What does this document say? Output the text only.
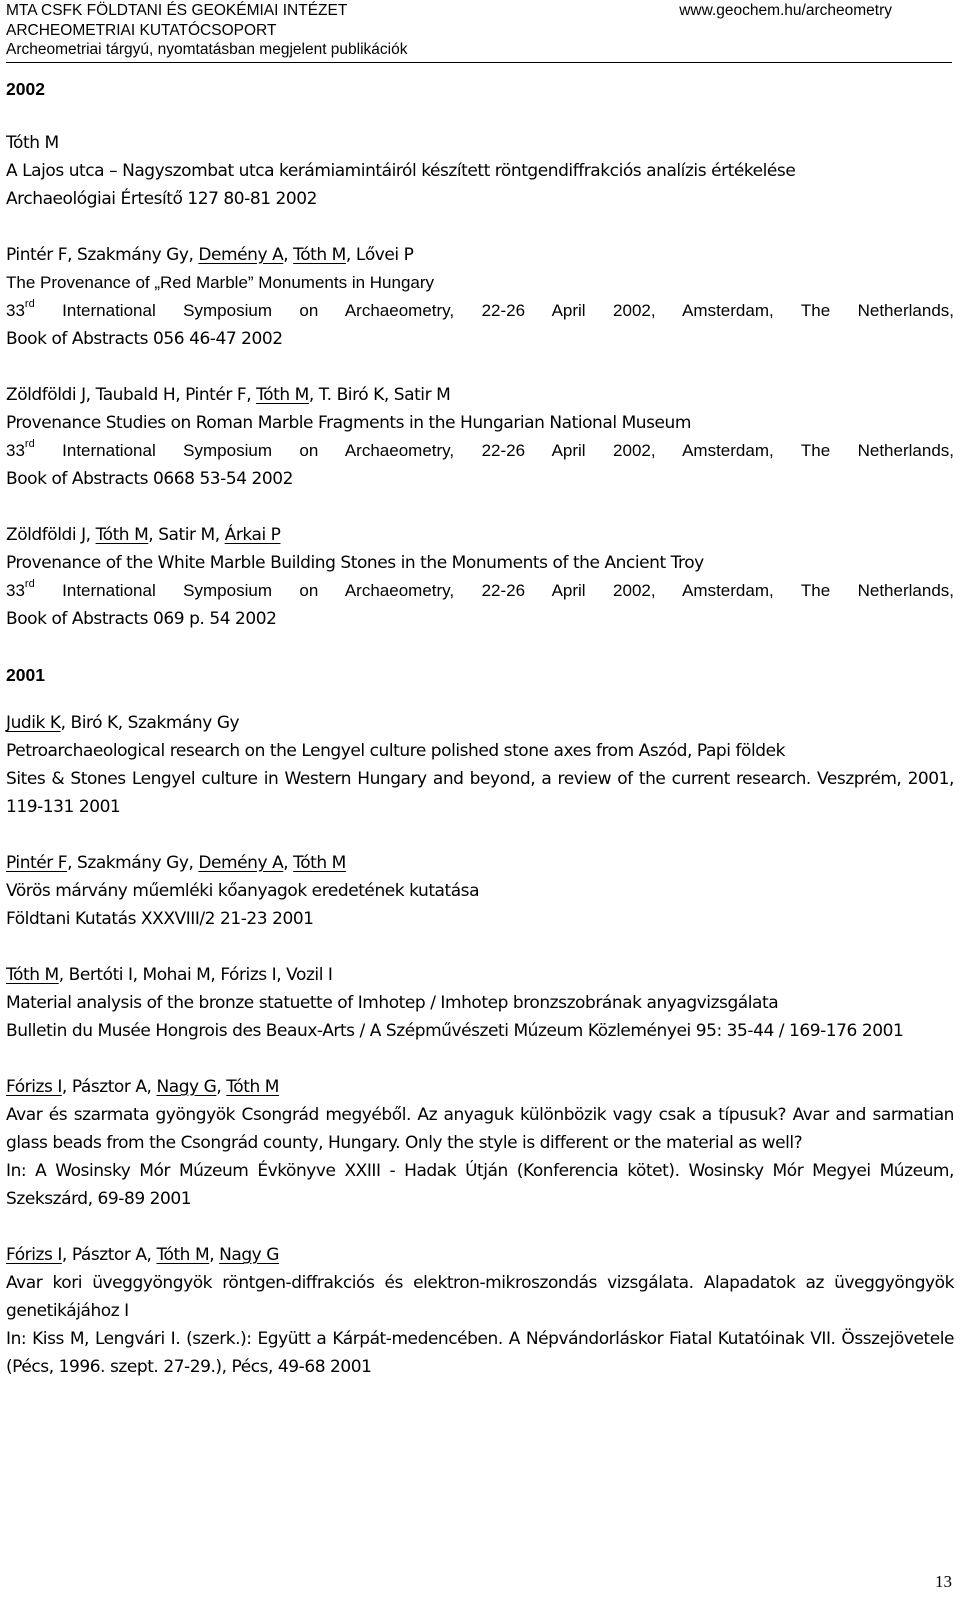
MTA CSFK FÖLDTANI ÉS GEOKÉMIAI INTÉZET
ARCHEOMETRIAI KUTATÓCSOPORT
Archeometriai tárgyú, nyomtatásban megjelent publikációk
www.geochem.hu/archeometry
2002
Tóth M
A Lajos utca – Nagyszombat utca kerámiamintáiról készített röntgendiffrakciós analízis értékelése
Archaeológiai Értesítő 127 80-81 2002
Pintér F, Szakmány Gy, Demény A, Tóth M, Lővei P
The Provenance of „Red Marble” Monuments in Hungary
33rd International Symposium on Archaeometry, 22-26 April 2002, Amsterdam, The Netherlands,
Book of Abstracts 056 46-47 2002
Zöldföldi J, Taubald H, Pintér F, Tóth M, T. Biró K, Satir M
Provenance Studies on Roman Marble Fragments in the Hungarian National Museum
33rd International Symposium on Archaeometry, 22-26 April 2002, Amsterdam, The Netherlands,
Book of Abstracts 0668 53-54 2002
Zöldföldi J, Tóth M, Satir M, Árkai P
Provenance of the White Marble Building Stones in the Monuments of the Ancient Troy
33rd International Symposium on Archaeometry, 22-26 April 2002, Amsterdam, The Netherlands,
Book of Abstracts 069 p. 54 2002
2001
Judik K, Biró K, Szakmány Gy
Petroarchaeological research on the Lengyel culture polished stone axes from Aszód, Papi földek
Sites & Stones Lengyel culture in Western Hungary and beyond, a review of the current research. Veszprém, 2001, 119-131 2001
Pintér F, Szakmány Gy, Demény A, Tóth M
Vörös márvány műemléki kőanyagok eredetének kutatása
Földtani Kutatás XXXVIII/2 21-23 2001
Tóth M, Bertóti I, Mohai M, Fórizs I, Vozil I
Material analysis of the bronze statuette of Imhotep / Imhotep bronzszobrának anyagvizsgálata
Bulletin du Musée Hongrois des Beaux-Arts / A Szépművészeti Múzeum Közleményei 95: 35-44 / 169-176 2001
Fórizs I, Pásztor A, Nagy G, Tóth M
Avar és szarmata gyöngyök Csongrád megyéből. Az anyaguk különbözik vagy csak a típusuk? Avar and sarmatian glass beads from the Csongrád county, Hungary. Only the style is different or the material as well?
In: A Wosinsky Mór Múzeum Évkönyve XXIII - Hadak Útján (Konferencia kötet). Wosinsky Mór Megyei Múzeum, Szekszárd, 69-89 2001
Fórizs I, Pásztor A, Tóth M, Nagy G
Avar kori üveggyöngyök röntgen-diffrakciós és elektron-mikroszondás vizsgálata. Alapadatok az üveggyöngyök genetikájához I
In: Kiss M, Lengvári I. (szerk.): Együtt a Kárpát-medencében. A Népvándorláskor Fiatal Kutatóinak VII. Összejövetele (Pécs, 1996. szept. 27-29.), Pécs, 49-68 2001
13
